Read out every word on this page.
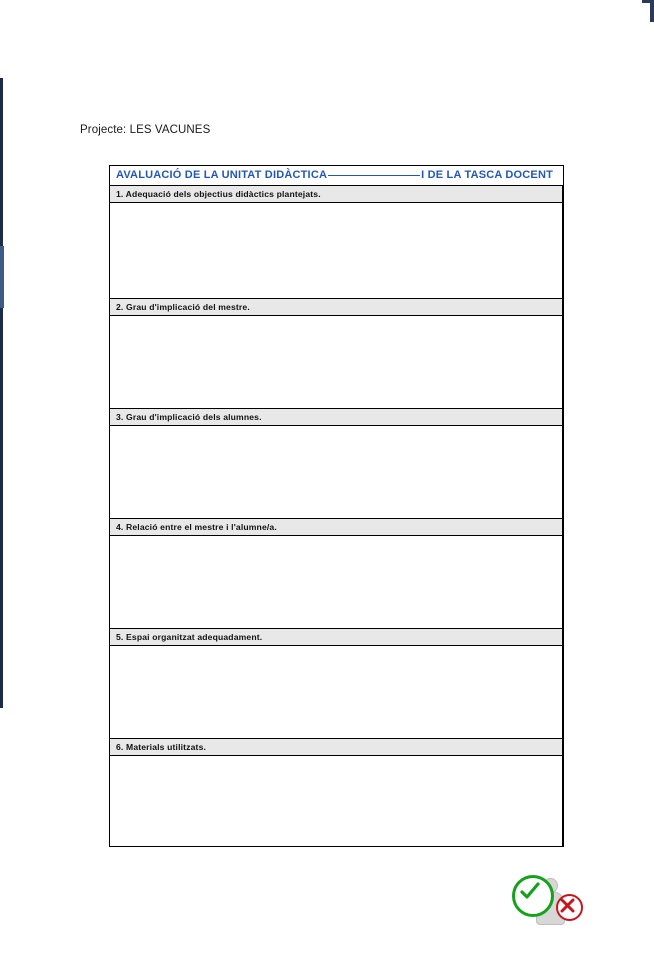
Projecte: LES VACUNES
AVALUACIÓ DE LA UNITAT DIDÀCTICA	I DE LA TASCA DOCENT
1. Adequació dels objectius didàctics plantejats.
2. Grau d'implicació del mestre.
3. Grau d'implicació dels alumnes.
4. Relació entre el mestre i l'alumne/a.
5. Espai organitzat adequadament.
6. Materials utilitzats.
